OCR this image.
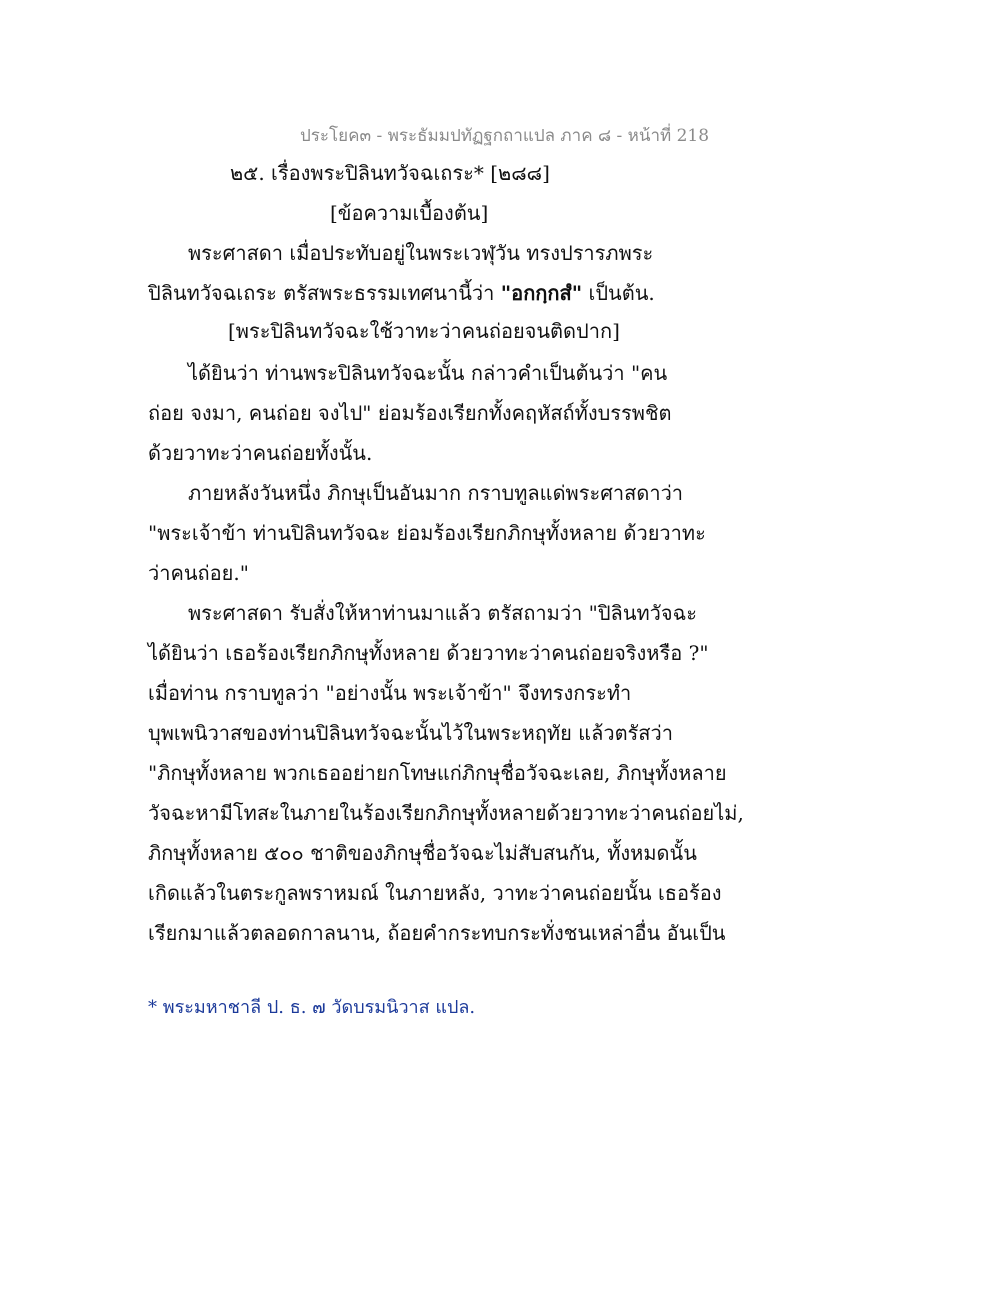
ประโยค๓ - พระธัมมปทัฏฐกถาแปล ภาค ๘ - หน้าที่ 218
๒๕. เรื่องพระปิลินทวัจฉเถระ* [๒๘๘]
[ข้อความเบื้องต้น]
พระศาสดา เมื่อประทับอยู่ในพระเวฬุวัน ทรงปรารภพระ
ปิลินทวัจฉเถระ ตรัสพระธรรมเทศนานี้ว่า "อกกฺกสํ" เป็นต้น.
[พระปิลินทวัจฉะใช้วาทะว่าคนถ่อยจนติดปาก]
ได้ยินว่า ท่านพระปิลินทวัจฉะนั้น กล่าวคำเป็นต้นว่า "คน
ถ่อย จงมา, คนถ่อย จงไป" ย่อมร้องเรียกทั้งคฤหัสถ์ทั้งบรรพชิต
ด้วยวาทะว่าคนถ่อยทั้งนั้น.
ภายหลังวันหนึ่ง ภิกษุเป็นอันมาก กราบทูลแด่พระศาสดาว่า
"พระเจ้าข้า ท่านปิลินทวัจฉะ ย่อมร้องเรียกภิกษุทั้งหลาย ด้วยวาทะ
ว่าคนถ่อย."
พระศาสดา รับสั่งให้หาท่านมาแล้ว ตรัสถามว่า "ปิลินทวัจฉะ
ได้ยินว่า เธอร้องเรียกภิกษุทั้งหลาย ด้วยวาทะว่าคนถ่อยจริงหรือ ?"
เมื่อท่าน กราบทูลว่า "อย่างนั้น พระเจ้าข้า" จึงทรงกระทำ
บุพเพนิวาสของท่านปิลินทวัจฉะนั้นไว้ในพระหฤทัย แล้วตรัสว่า
"ภิกษุทั้งหลาย พวกเธออย่ายกโทษแก่ภิกษุชื่อวัจฉะเลย, ภิกษุทั้งหลาย
วัจฉะหามีโทสะในภายในร้องเรียกภิกษุทั้งหลายด้วยวาทะว่าคนถ่อยไม่,
ภิกษุทั้งหลาย ๕๐๐ ชาติของภิกษุชื่อวัจฉะไม่สับสนกัน, ทั้งหมดนั้น
เกิดแล้วในตระกูลพราหมณ์ ในภายหลัง, วาทะว่าคนถ่อยนั้น เธอร้อง
เรียกมาแล้วตลอดกาลนาน, ถ้อยคำกระทบกระทั่งชนเหล่าอื่น อันเป็น
* พระมหาชาลี ป. ธ. ๗ วัดบรมนิวาส แปล.
